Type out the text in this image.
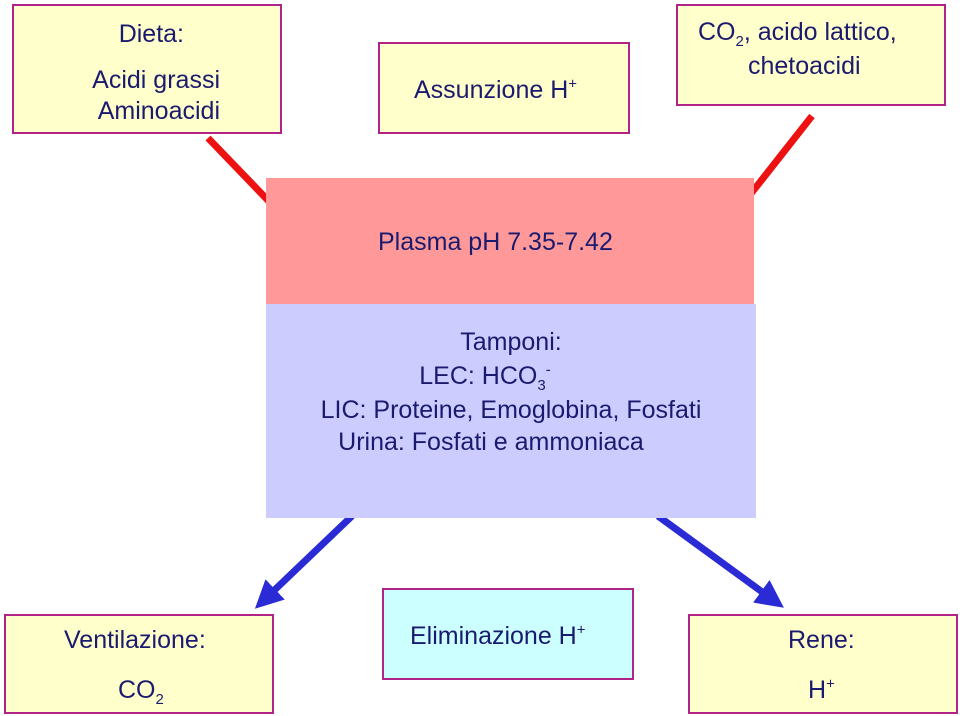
Dieta:
Acidi grassi
Aminoacidi
Assunzione H+
$CO_2$, acido lattico,
chetoacidi
Plasma pH 7.35-7.42
Tamponi:
LEC: $HCO_3^-$
LIC: Proteine, Emoglobina, Fosfati
Urina: Fosfati e ammoniaca
Ventilazione:
$CO_2$
Eliminazione H+	Rene:
H+
